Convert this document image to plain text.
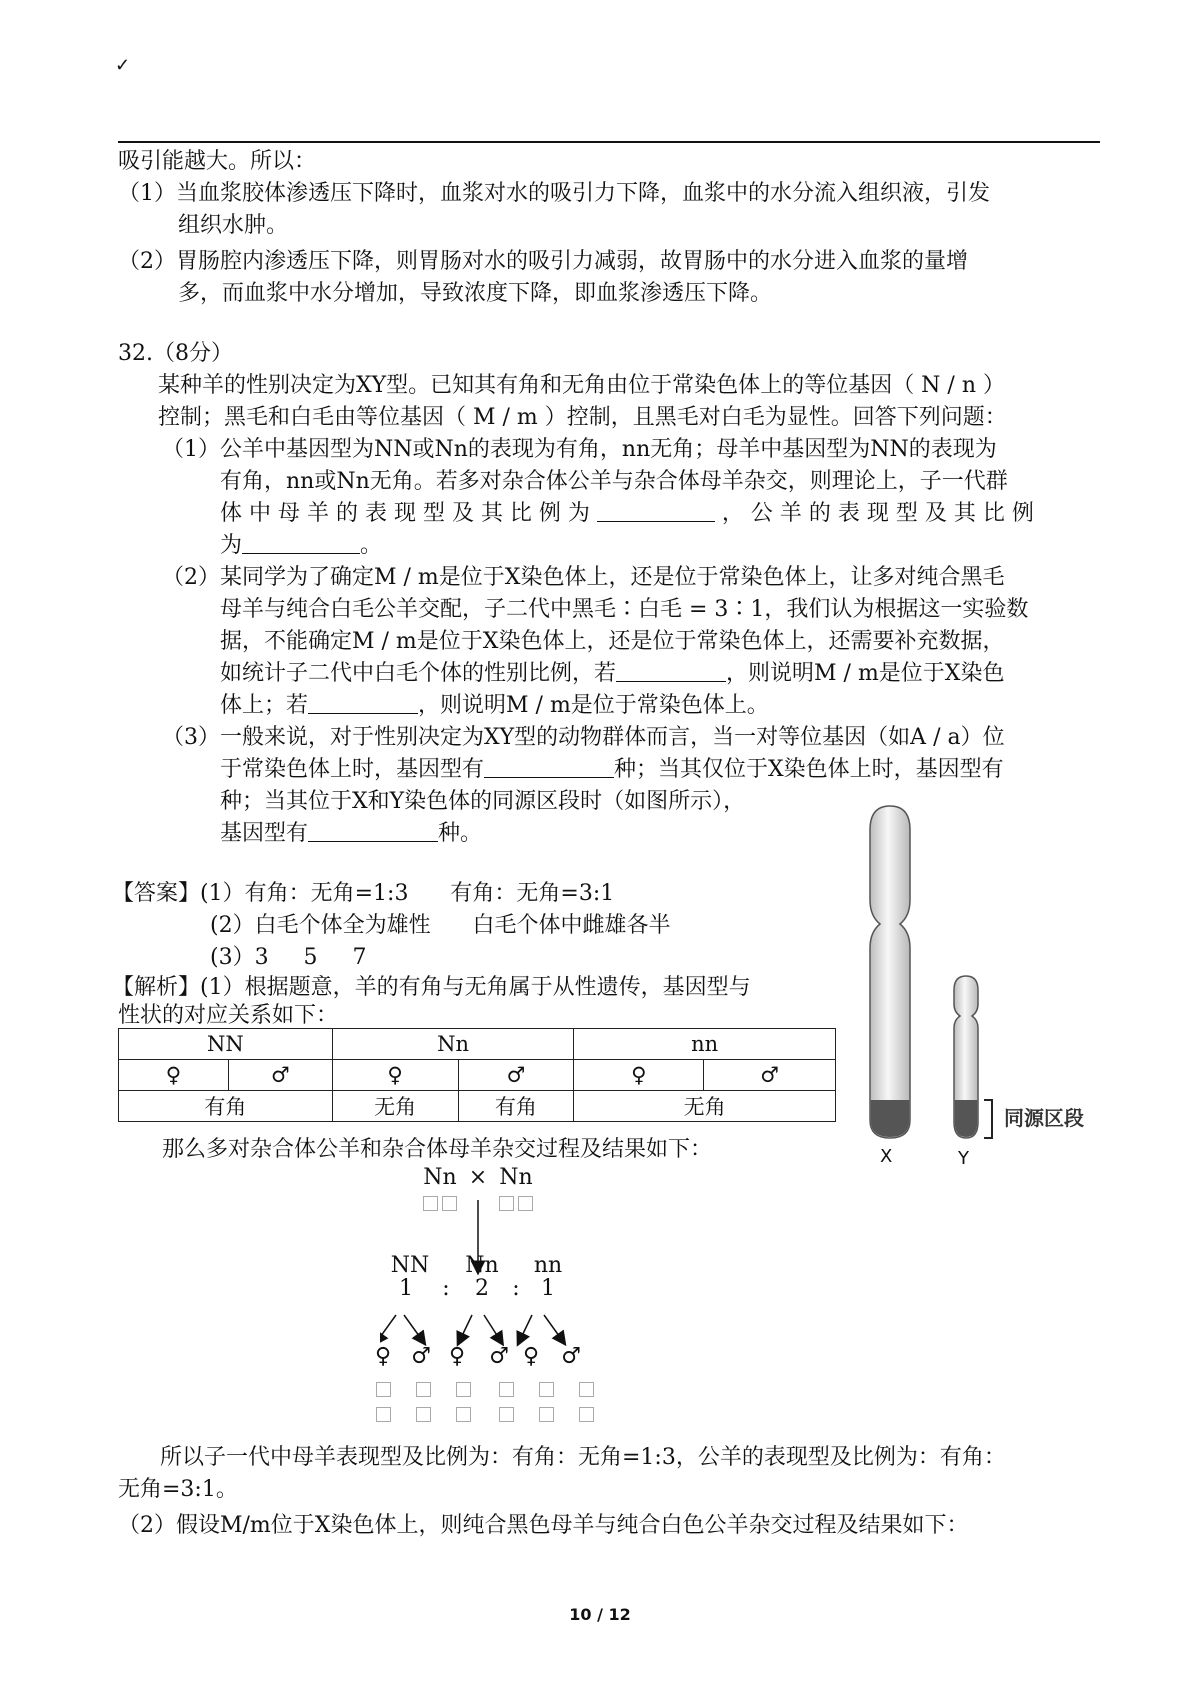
✓
吸引能越大。所以：
（1）当血浆胶体渗透压下降时，血浆对水的吸引力下降，血浆中的水分流入组织液，引发
组织水肿。
（2）胃肠腔内渗透压下降，则胃肠对水的吸引力减弱，故胃肠中的水分进入血浆的量增
多，而血浆中水分增加，导致浓度下降，即血浆渗透压下降。
32.（8分）
某种羊的性别决定为XY型。已知其有角和无角由位于常染色体上的等位基因（ N / n ）
控制；黑毛和白毛由等位基因（ M / m ）控制，且黑毛对白毛为显性。回答下列问题：
（1）公羊中基因型为NN或Nn的表现为有角，nn无角；母羊中基因型为NN的表现为
有角，nn或Nn无角。若多对杂合体公羊与杂合体母羊杂交，则理论上，子一代群
体 中 母 羊 的 表 现 型 及 其 比 例 为	， 公 羊 的 表 现 型 及 其 比 例
为	。
（2）某同学为了确定M / m是位于X染色体上，还是位于常染色体上，让多对纯合黑毛
母羊与纯合白毛公羊交配，子二代中黑毛∶白毛 = 3∶1，我们认为根据这一实验数
据，不能确定M / m是位于X染色体上，还是位于常染色体上，还需要补充数据，
如统计子二代中白毛个体的性别比例，若	，则说明M / m是位于X染色
体上；若	，则说明M / m是位于常染色体上。
（3）一般来说，对于性别决定为XY型的动物群体而言，当一对等位基因（如A / a）位
于常染色体上时，基因型有	种；当其仅位于X染色体上时，基因型有
种；当其位于X和Y染色体的同源区段时（如图所示），
基因型有	种。
【答案】(1）有角：无角=1:3      有角：无角=3:1
(2）白毛个体全为雄性      白毛个体中雌雄各半
(3）3     5     7
【解析】(1）根据题意，羊的有角与无角属于从性遗传，基因型与
性状的对应关系如下：
NN		Nn		nn	
♀	♂	♀	♂	♀	♂
有角		无角	有角	无角	
那么多对杂合体公羊和杂合体母羊杂交过程及结果如下：
Nn × Nn
NN	Nn	nn
1 : 2 : 1
♀ ♂ ♀ ♂ ♀ ♂
所以子一代中母羊表现型及比例为：有角：无角=1:3，公羊的表现型及比例为：有角：
无角=3:1。
（2）假设M/m位于X染色体上，则纯合黑色母羊与纯合白色公羊杂交过程及结果如下：
X	Y
同源区段
10 / 12
